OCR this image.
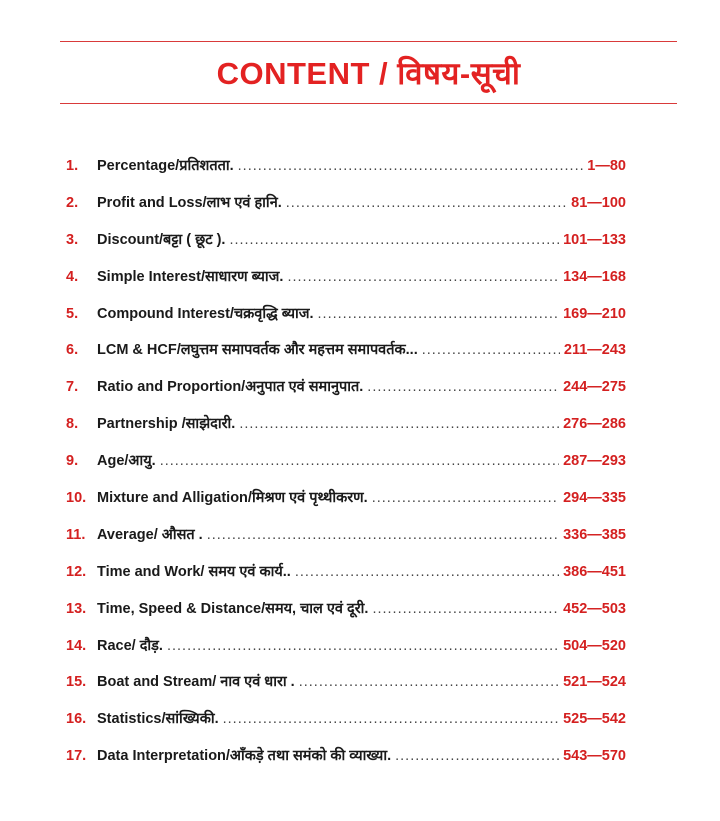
CONTENT / विषय-सूची
1.	Percentage/प्रतिशतता. .....	1—80
2.	Profit and Loss/लाभ एवं हानि. .....	81—100
3.	Discount/बट्टा ( छूट ). .....	101—133
4.	Simple Interest/साधारण ब्याज. .....	134—168
5.	Compound Interest/चक्रवृद्धि ब्याज. .....	169—210
6.	LCM & HCF/लघुत्तम समापवर्तक और महत्तम समापवर्तक... .....	211—243
7.	Ratio and Proportion/अनुपात एवं समानुपात. .....	244—275
8.	Partnership /साझेदारी. .....	276—286
9.	Age/आयु. .....	287—293
10. Mixture and Alligation/मिश्रण एवं पृथ्थीकरण. .....	294—335
11. Average/ औसत . .....	336—385
12. Time and Work/ समय एवं कार्य.. .....	386—451
13. Time, Speed & Distance/समय, चाल एवं दूरी. .....	452—503
14. Race/ दौड़. .....	504—520
15. Boat and Stream/ नाव एवं धारा . .....	521—524
16. Statistics/सांख्यिकी. .....	525—542
17. Data Interpretation/आँकड़े तथा समंको की व्याख्या. .....	543—570
